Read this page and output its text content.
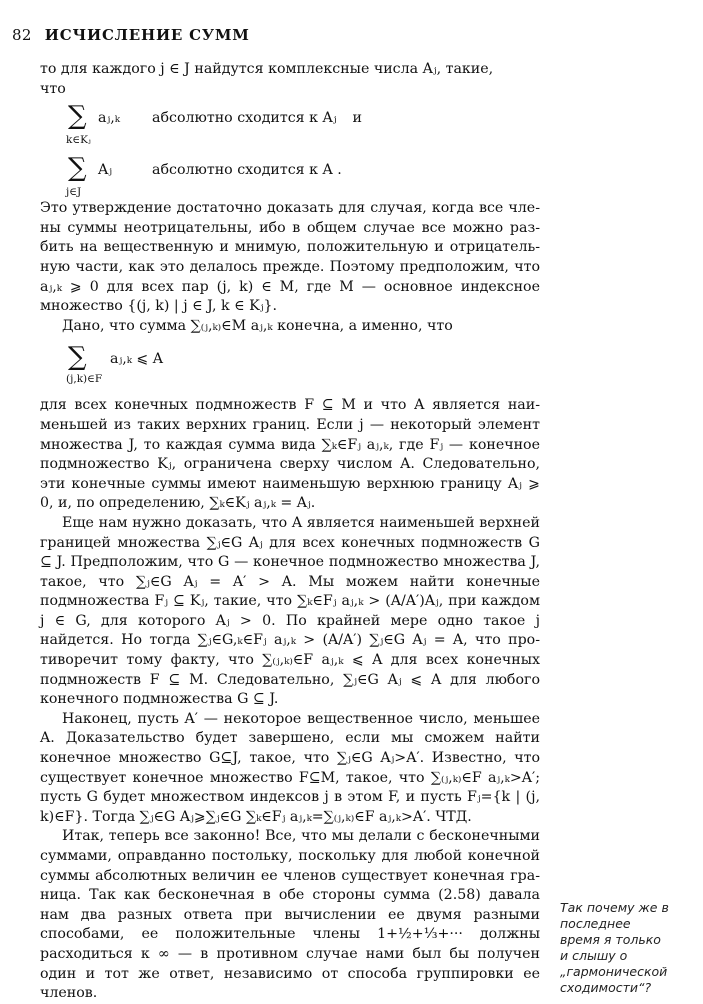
82 ИСЧИСЛЕНИЕ СУММ

то для каждого j ∈ J найдутся комплексные числа Aⱼ, такие,
что

∑
k∈Kⱼ
aⱼ,ₖ абсолютно сходится к Aⱼ и
∑
j∈J
Aⱼ	абсолютно сходится к A .

Это утверждение достаточно доказать для случая, когда все члены суммы неотрицательны, ибо в общем случае все можно разбить на вещественную и мнимую, положительную и отрицательную части, как это делалось прежде. Поэтому предположим, что aⱼ,ₖ ⩾ 0 для всех пар (j, k) ∈ M, где M — основное индексное множество {(j, k) | j ∈ J, k ∈ Kⱼ}.

Дано, что сумма ∑₍ⱼ,ₖ₎∈M aⱼ,ₖ конечна, а именно, что

∑
(j,k)∈F
aⱼ,ₖ ⩽ A

для всех конечных подмножеств F ⊆ M и что A является наименьшей из таких верхних границ. Если j — некоторый элемент множества J, то каждая сумма вида ∑ₖ∈Fⱼ aⱼ,ₖ, где Fⱼ — конечное подмножество Kⱼ, ограничена сверху числом A. Следовательно, эти конечные суммы имеют наименьшую верхнюю границу Aⱼ ⩾ 0, и, по определению, ∑ₖ∈Kⱼ aⱼ,ₖ = Aⱼ.

Еще нам нужно доказать, что A является наименьшей верхней границей множества ∑ⱼ∈G Aⱼ для всех конечных подмножеств G ⊆ J. Предположим, что G — конечное подмножество множества J, такое, что ∑ⱼ∈G Aⱼ = A′ > A. Мы можем найти конечные подмножества Fⱼ ⊆ Kⱼ, такие, что ∑ₖ∈Fⱼ aⱼ,ₖ > (A/A′)Aⱼ, при каждом j ∈ G, для которого Aⱼ > 0. По крайней мере одно такое j найдется. Но тогда ∑ⱼ∈G,ₖ∈Fⱼ aⱼ,ₖ > (A/A′) ∑ⱼ∈G Aⱼ = A, что противоречит тому факту, что ∑₍ⱼ,ₖ₎∈F aⱼ,ₖ ⩽ A для всех конечных подмножеств F ⊆ M. Следовательно, ∑ⱼ∈G Aⱼ ⩽ A для любого конечного подмножества G ⊆ J.

Наконец, пусть A′ — некоторое вещественное число, меньшее A. Доказательство будет завершено, если мы сможем найти конечное множество G⊆J, такое, что ∑ⱼ∈G Aⱼ>A′. Известно, что существует конечное множество F⊆M, такое, что ∑₍ⱼ,ₖ₎∈F aⱼ,ₖ>A′; пусть G будет множеством индексов j в этом F, и пусть Fⱼ={k | (j, k)∈F}. Тогда ∑ⱼ∈G Aⱼ⩾∑ⱼ∈G ∑ₖ∈Fⱼ aⱼ,ₖ=∑₍ⱼ,ₖ₎∈F aⱼ,ₖ>A′. ЧТД.

Итак, теперь все законно! Все, что мы делали с бесконечными суммами, оправданно постольку, поскольку для любой конечной суммы абсолютных величин ее членов существует конечная граница. Так как бесконечная в обе стороны сумма (2.58) давала нам два разных ответа при вычислении ее двумя разными способами, ее положительные члены 1+½+⅓+··· должны расходиться к ∞ — в противном случае нами был бы получен один и тот же ответ, независимо от способа группировки ее членов.

Так почему же в последнее время я только и слышу о „гармонической сходимости“?
